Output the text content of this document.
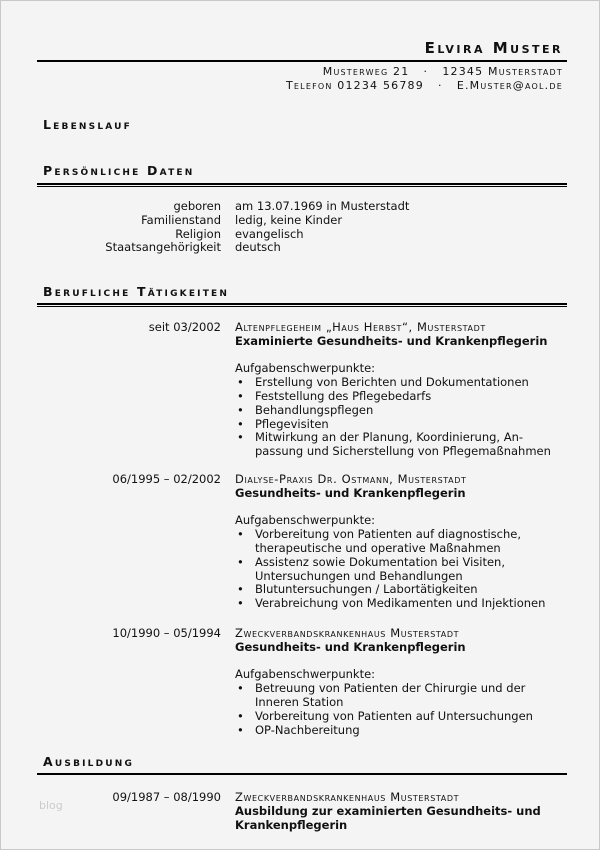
Elvira Muster
Musterweg 21   ·   12345 Musterstadt
Telefon 01234 56789   ·   E.Muster@aol.de
Lebenslauf
Persönliche Daten
Berufliche Tätigkeiten
Ausbildung
blog
geboren am 13.07.1969 in Musterstadt
Familienstand ledig, keine Kinder
Religion evangelisch
Staatsangehörigkeit deutsch
seit 03/2002 Altenpflegeheim „Haus Herbst“, Musterstadt
Examinierte Gesundheits- und Krankenpflegerin
Aufgabenschwerpunkte:
• Erstellung von Berichten und Dokumentationen
• Feststellung des Pflegebedarfs
• Behandlungspflegen
• Pflegevisiten
• Mitwirkung an der Planung, Koordinierung, An-
passung und Sicherstellung von Pflegemaßnahmen
06/1995 – 02/2002 Dialyse-Praxis Dr. Ostmann, Musterstadt
Gesundheits- und Krankenpflegerin
Aufgabenschwerpunkte:
• Vorbereitung von Patienten auf diagnostische,
therapeutische und operative Maßnahmen
• Assistenz sowie Dokumentation bei Visiten,
Untersuchungen und Behandlungen
• Blutuntersuchungen / Labortätigkeiten
• Verabreichung von Medikamenten und Injektionen
10/1990 – 05/1994 Zweckverbandskrankenhaus Musterstadt
Gesundheits- und Krankenpflegerin
Aufgabenschwerpunkte:
• Betreuung von Patienten der Chirurgie und der
Inneren Station
• Vorbereitung von Patienten auf Untersuchungen
• OP-Nachbereitung
09/1987 – 08/1990 Zweckverbandskrankenhaus Musterstadt
Ausbildung zur examinierten Gesundheits- und
Krankenpflegerin
